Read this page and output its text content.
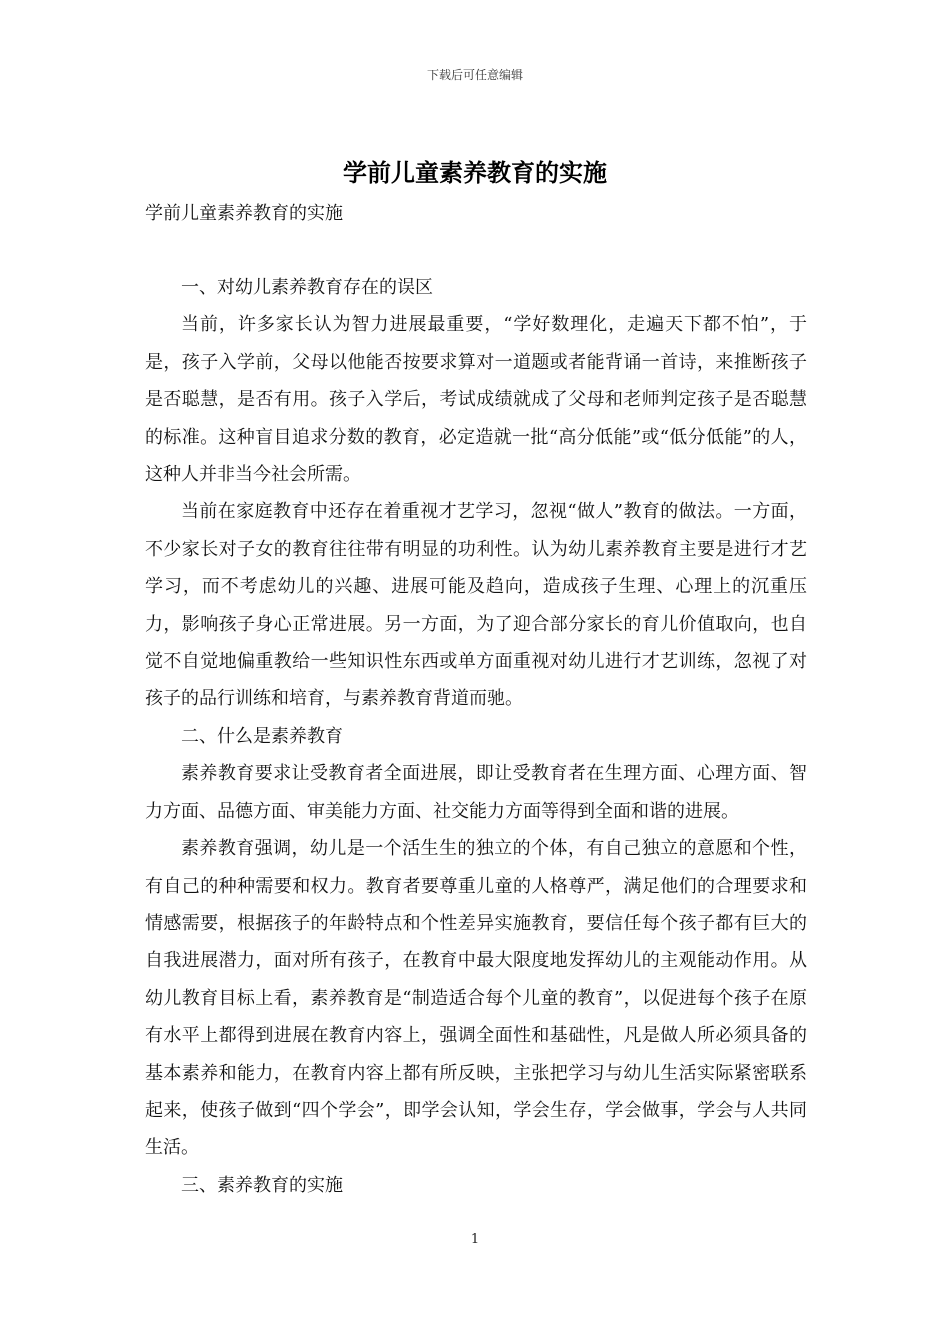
下载后可任意编辑
学前儿童素养教育的实施
学前儿童素养教育的实施

一、对幼儿素养教育存在的误区

当前，许多家长认为智力进展最重要，“学好数理化，走遍天下都不怕”，于是，孩子入学前，父母以他能否按要求算对一道题或者能背诵一首诗，来推断孩子是否聪慧，是否有用。孩子入学后，考试成绩就成了父母和老师判定孩子是否聪慧的标准。这种盲目追求分数的教育，必定造就一批“高分低能”或“低分低能”的人，这种人并非当今社会所需。

当前在家庭教育中还存在着重视才艺学习，忽视“做人”教育的做法。一方面，不少家长对子女的教育往往带有明显的功利性。认为幼儿素养教育主要是进行才艺学习，而不考虑幼儿的兴趣、进展可能及趋向，造成孩子生理、心理上的沉重压力，影响孩子身心正常进展。另一方面，为了迎合部分家长的育儿价值取向，也自觉不自觉地偏重教给一些知识性东西或单方面重视对幼儿进行才艺训练，忽视了对孩子的品行训练和培育，与素养教育背道而驰。

二、什么是素养教育

素养教育要求让受教育者全面进展，即让受教育者在生理方面、心理方面、智力方面、品德方面、审美能力方面、社交能力方面等得到全面和谐的进展。

素养教育强调，幼儿是一个活生生的独立的个体，有自己独立的意愿和个性，有自己的种种需要和权力。教育者要尊重儿童的人格尊严，满足他们的合理要求和情感需要，根据孩子的年龄特点和个性差异实施教育，要信任每个孩子都有巨大的自我进展潜力，面对所有孩子，在教育中最大限度地发挥幼儿的主观能动作用。从幼儿教育目标上看，素养教育是“制造适合每个儿童的教育”，以促进每个孩子在原有水平上都得到进展在教育内容上，强调全面性和基础性，凡是做人所必须具备的基本素养和能力，在教育内容上都有所反映，主张把学习与幼儿生活实际紧密联系起来，使孩子做到“四个学会”，即学会认知，学会生存，学会做事，学会与人共同生活。

三、素养教育的实施

1
